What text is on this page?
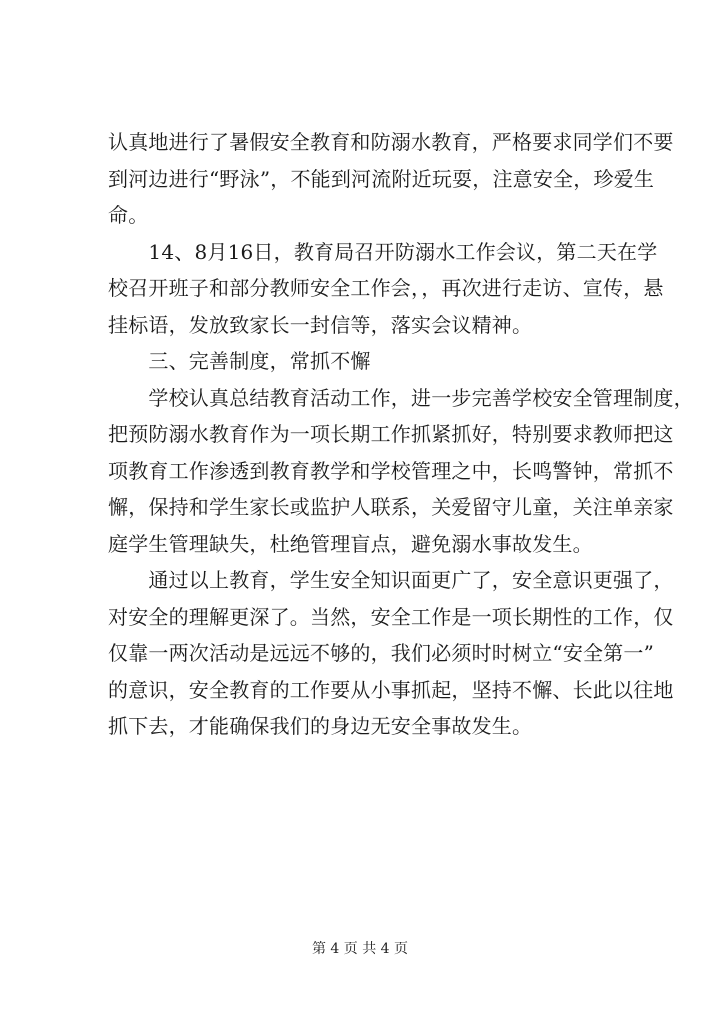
认真地进行了暑假安全教育和防溺水教育，严格要求同学们不要
到河边进行“野泳”，不能到河流附近玩耍，注意安全，珍爱生
命。
　　14、8月16日，教育局召开防溺水工作会议，第二天在学
校召开班子和部分教师安全工作会，，再次进行走访、宣传，悬
挂标语，发放致家长一封信等，落实会议精神。
　　三、完善制度，常抓不懈
　　学校认真总结教育活动工作，进一步完善学校安全管理制度，
把预防溺水教育作为一项长期工作抓紧抓好，特别要求教师把这
项教育工作渗透到教育教学和学校管理之中，长鸣警钟，常抓不
懈，保持和学生家长或监护人联系，关爱留守儿童，关注单亲家
庭学生管理缺失，杜绝管理盲点，避免溺水事故发生。
　　通过以上教育，学生安全知识面更广了，安全意识更强了，
对安全的理解更深了。当然，安全工作是一项长期性的工作，仅
仅靠一两次活动是远远不够的，我们必须时时树立“安全第一”
的意识，安全教育的工作要从小事抓起，坚持不懈、长此以往地
抓下去，才能确保我们的身边无安全事故发生。
第 4 页 共 4 页
